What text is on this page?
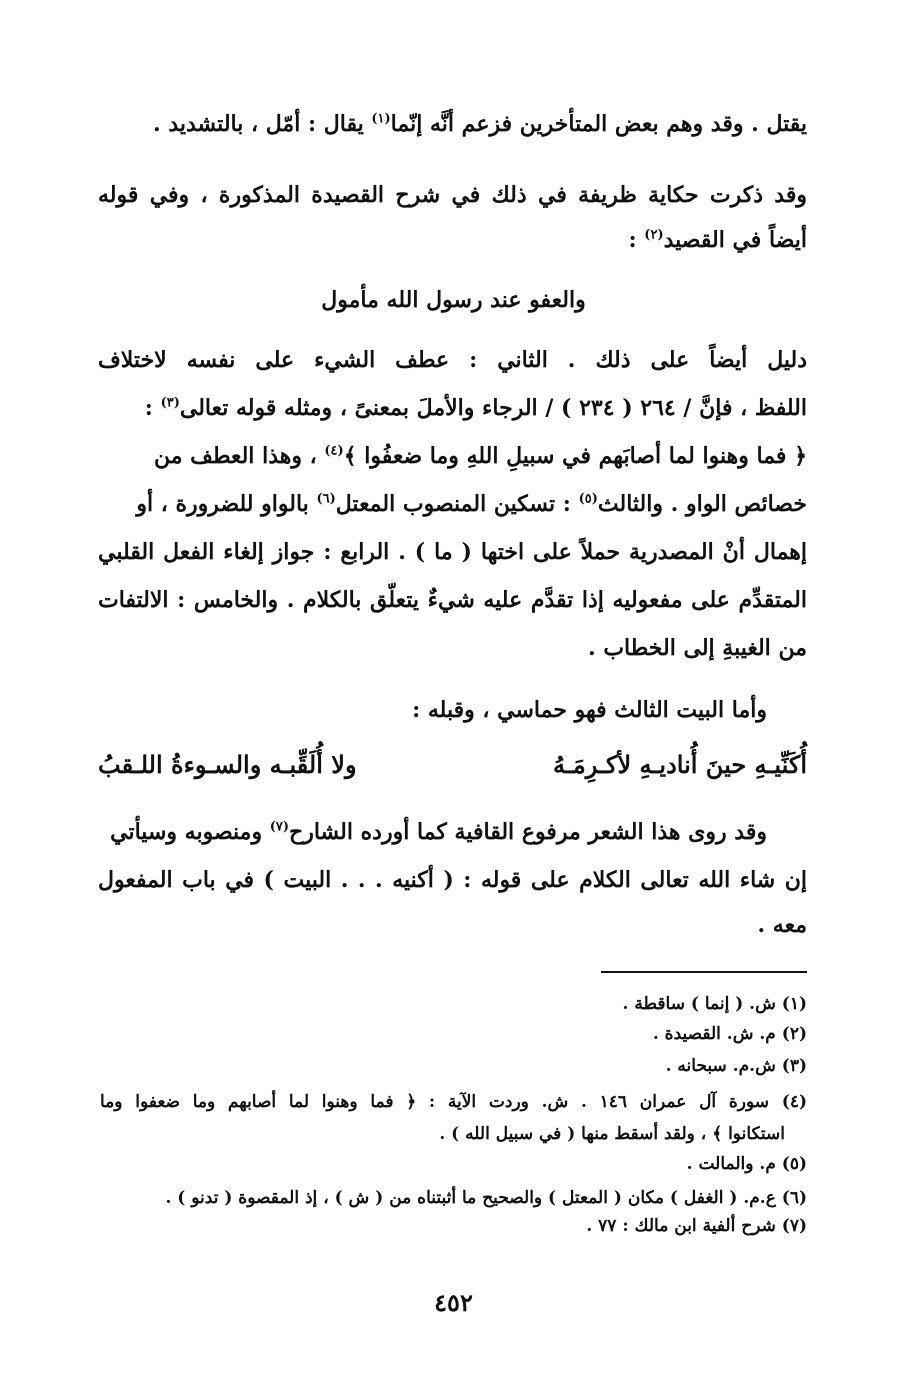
يقتل . وقد وهم بعض المتأخرين فزعم أنَّه إنّما$^{(١)}$ يقال : أمّل ، بالتشديد .
وقد ذكرت حكاية ظريفة في ذلك في شرح القصيدة المذكورة ، وفي قوله
أيضاً في القصيد$^{(٢)}$ :
والعفو عند رسول الله مأمول
دليل أيضاً على ذلك . الثاني : عطف الشيء على نفسه لاختلاف
اللفظ ، فإنَّ / ٢٦٤ ( ٢٣٤ ) / الرجاء والأملَ بمعنىً ، ومثله قوله تعالى$^{(٣)}$ :
﴿ فما وهنوا لما أصابَهم في سبيلِ اللهِ وما ضعفُوا ﴾$^{(٤)}$ ، وهذا العطف من
خصائص الواو . والثالث$^{(٥)}$ : تسكين المنصوب المعتل$^{(٦)}$ بالواو للضرورة ، أو
إهمال أنْ المصدرية حملاً على اختها ( ما ) . الرابع : جواز إلغاء الفعل القلبي
المتقدِّم على مفعوليه إذا تقدَّم عليه شيءٌ يتعلّق بالكلام . والخامس : الالتفات
من الغيبةِ إلى الخطاب .
وأما البيت الثالث فهو حماسي ، وقبله :
أُكَنِّيـهِ حينَ أُناديـهِ لأكـرِمَـهُ
ولا أُلَقِّبـه والسـوءةُ اللـقبُ
وقد روى هذا الشعر مرفوع القافية كما أورده الشارح$^{(٧)}$ ومنصوبه وسيأتي
إن شاء الله تعالى الكلام على قوله : ( أكنيه . . . البيت ) في باب المفعول
معه .
(١) ش. ( إنما ) ساقطة .
(٢) م. ش. القصيدة .
(٣) ش.م. سبحانه .
(٤) سورة آل عمران ١٤٦ . ش. وردت الآية : ﴿ فما وهنوا لما أصابهم وما ضعفوا وما
استكانوا ﴾ ، ولقد أسقط منها ( في سبيل الله ) .
(٥) م. والمالت .
(٦) ع.م. ( الغفل ) مكان ( المعتل ) والصحيح ما أثبتناه من ( ش ) ، إذ المقصوة ( تدنو ) .
(٧) شرح ألفية ابن مالك : ٧٧ .
٤٥٢
